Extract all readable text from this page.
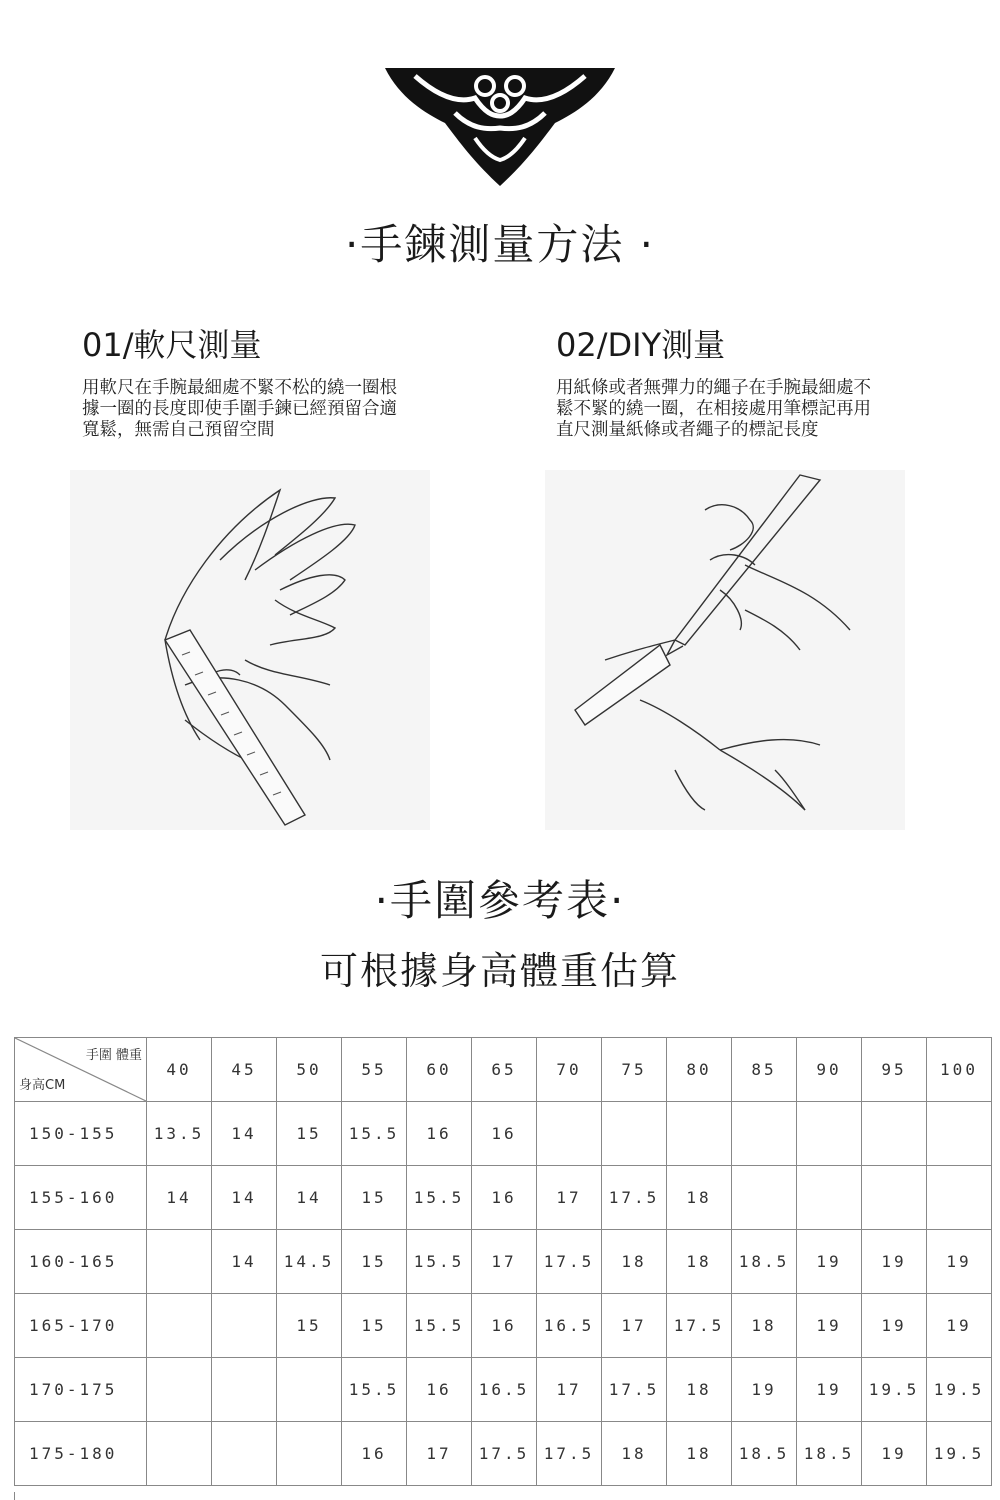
·手鍊測量方法 ·
01/軟尺測量
用軟尺在手腕最細處不緊不松的繞一圈根
據一圈的長度即使手圍手鍊已經預留合適
寬鬆，無需自己預留空間
02/DIY測量
用紙條或者無彈力的繩子在手腕最細處不
鬆不緊的繞一圈，在相接處用筆標記再用
直尺測量紙條或者繩子的標記長度
·手圍參考表·
可根據身高體重估算
手圍 體重
身高CM	40	45	50	55	60	65	70	75	80	85	90	95	100
150-155	13.5	14	15	15.5	16	16							
155-160	14	14	14	15	15.5	16	17	17.5	18				
160-165		14	14.5	15	15.5	17	17.5	18	18	18.5	19	19	19
165-170			15	15	15.5	16	16.5	17	17.5	18	19	19	19
170-175				15.5	16	16.5	17	17.5	18	19	19	19.5	19.5
175-180				16	17	17.5	17.5	18	18	18.5	18.5	19	19.5
